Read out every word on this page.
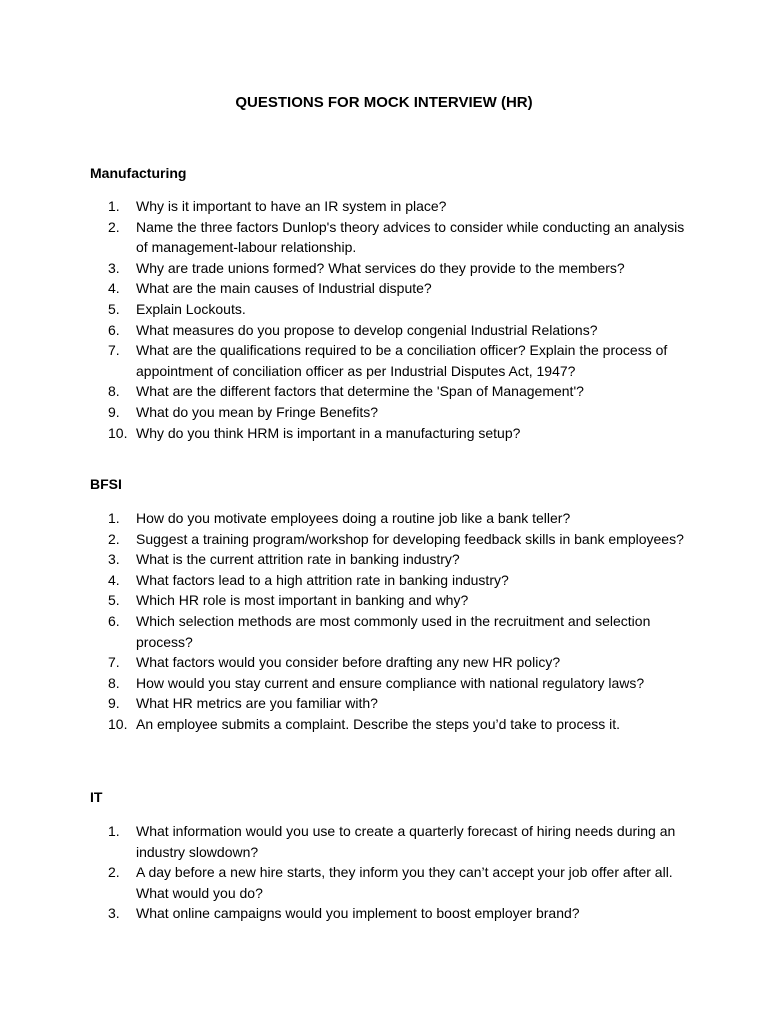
QUESTIONS FOR MOCK INTERVIEW (HR)
Manufacturing
1.	Why is it important to have an IR system in place?
2.	Name the three factors Dunlop's theory advices to consider while conducting an analysis of management-labour relationship.
3.	Why are trade unions formed? What services do they provide to the members?
4.	What are the main causes of Industrial dispute?
5.	Explain Lockouts.
6.	What measures do you propose to develop congenial Industrial Relations?
7.	What are the qualifications required to be a conciliation officer? Explain the process of appointment of conciliation officer as per Industrial Disputes Act, 1947?
8.	What are the different factors that determine the 'Span of Management'?
9.	What do you mean by Fringe Benefits?
10. Why do you think HRM is important in a manufacturing setup?
BFSI
1.	How do you motivate employees doing a routine job like a bank teller?
2.	Suggest a training program/workshop for developing feedback skills in bank employees?
3.	What is the current attrition rate in banking industry?
4.	What factors lead to a high attrition rate in banking industry?
5.	Which HR role is most important in banking and why?
6.	Which selection methods are most commonly used in the recruitment and selection process?
7.	What factors would you consider before drafting any new HR policy?
8.	How would you stay current and ensure compliance with national regulatory laws?
9.	What HR metrics are you familiar with?
10. An employee submits a complaint. Describe the steps you’d take to process it.
IT
1.	What information would you use to create a quarterly forecast of hiring needs during an industry slowdown?
2.	A day before a new hire starts, they inform you they can’t accept your job offer after all. What would you do?
3.	What online campaigns would you implement to boost employer brand?
